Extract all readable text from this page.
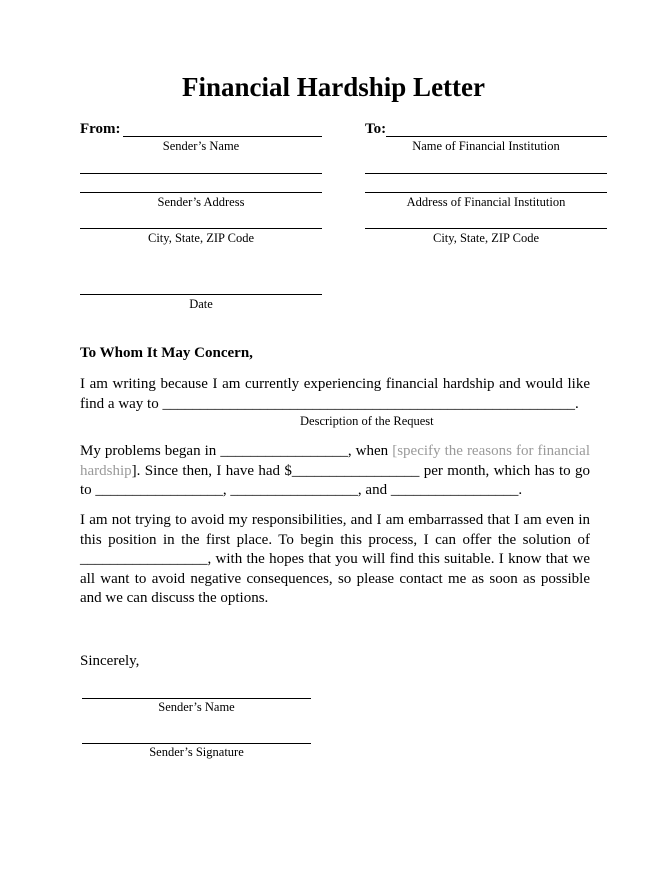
Financial Hardship Letter
From:
Sender’s Name
To:
Name of Financial Institution
Sender’s Address	Address of Financial Institution
City, State, ZIP Code	City, State, ZIP Code
Date
To Whom It May Concern,
I am writing because I am currently experiencing financial hardship and would like
find a way to _______________________________________________________.
Description of the Request
My problems began in _________________, when [specify the reasons for financial hardship]. Since then, I have had $_________________ per month, which has to go to _________________, _________________, and _________________.
I am not trying to avoid my responsibilities, and I am embarrassed that I am even in this position in the first place. To begin this process, I can offer the solution of _________________, with the hopes that you will find this suitable. I know that we all want to avoid negative consequences, so please contact me as soon as possible and we can discuss the options.
Sincerely,
Sender’s Name
Sender’s Signature
